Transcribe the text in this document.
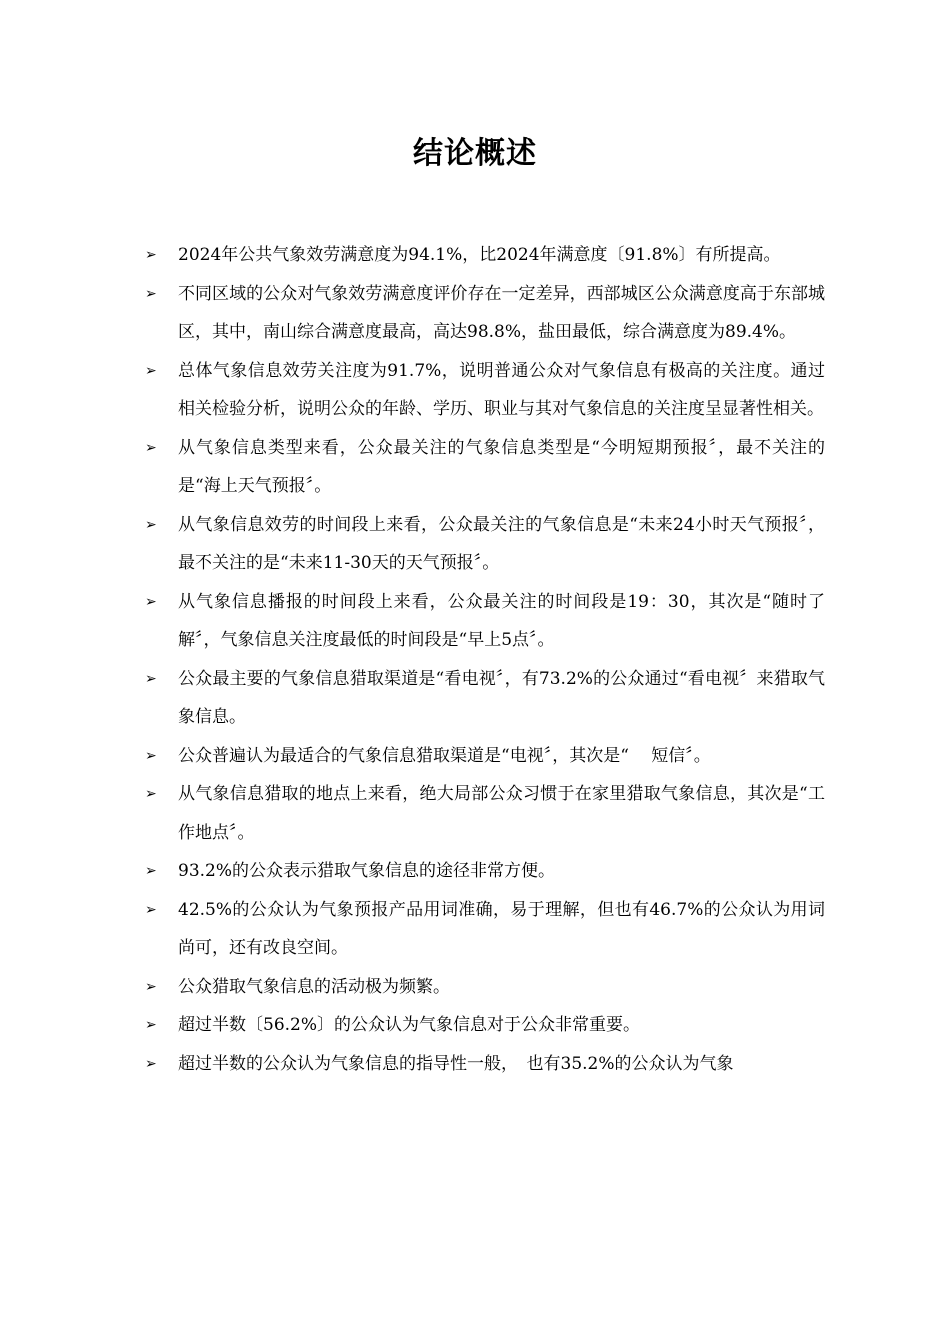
结论概述
➢ 2024年公共气象效劳满意度为94.1%，比2024年满意度〔91.8%〕有所提高。
➢ 不同区域的公众对气象效劳满意度评价存在一定差异，西部城区公众满意度高于东部城区，其中，南山综合满意度最高，高达98.8%，盐田最低，综合满意度为89.4%。
➢ 总体气象信息效劳关注度为91.7%，说明普通公众对气象信息有极高的关注度。通过相关检验分析，说明公众的年龄、学历、职业与其对气象信息的关注度呈显著性相关。
➢ 从气象信息类型来看，公众最关注的气象信息类型是“今明短期预报〞，最不关注的是“海上天气预报〞。
➢ 从气象信息效劳的时间段上来看，公众最关注的气象信息是“未来24小时天气预报〞，最不关注的是“未来11-30天的天气预报〞。
➢ 从气象信息播报的时间段上来看，公众最关注的时间段是19：30，其次是“随时了解〞，气象信息关注度最低的时间段是“早上5点〞。
➢ 公众最主要的气象信息猎取渠道是“看电视〞，有73.2%的公众通过“看电视〞来猎取气象信息。
➢ 公众普遍认为最适合的气象信息猎取渠道是“电视〞，其次是“　 短信〞。
➢ 从气象信息猎取的地点上来看，绝大局部公众习惯于在家里猎取气象信息，其次是“工作地点〞。
➢ 93.2%的公众表示猎取气象信息的途径非常方便。
➢ 42.5%的公众认为气象预报产品用词准确，易于理解，但也有46.7%的公众认为用词尚可，还有改良空间。
➢ 公众猎取气象信息的活动极为频繁。
➢ 超过半数〔56.2%〕的公众认为气象信息对于公众非常重要。
➢ 超过半数的公众认为气象信息的指导性一般，　也有35.2%的公众认为气象
